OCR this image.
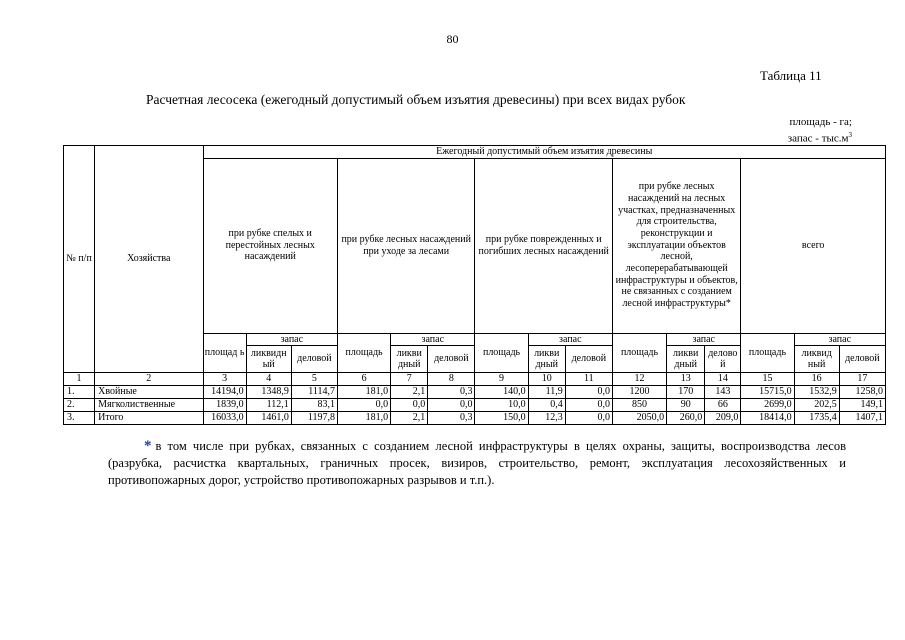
80
Таблица 11
Расчетная лесосека (ежегодный допустимый объем изъятия древесины) при всех видах рубок
площадь - га;
запас - $тыс.м^3$
№ п/п	Хозяйства	Ежегодный допустимый объем изъятия древесины														
		при рубке спелых и перестойных лесных насаждений			при рубке лесных насаждений при уходе за лесами			при рубке поврежденных и погибших лесных насаждений			при рубке лесных насаждений на лесных участках, предназначенных для строительства, реконструкции и эксплуатации объектов лесной, лесоперерабатывающей инфраструктуры и объектов, не связанных с созданием лесной инфраструктуры*			всего		
		площад ь	запас		площадь	запас		площадь	запас		площадь	запас		площадь	запас	
			ликвидн ый	деловой		ликви дный	деловой		ликви дный	деловой		ликви дный	делово й		ликвид ный	деловой
1	2	3	4	5	6	7	8	9	10	11	12	13	14	15	16	17
1.	Хвойные	14194,0	1348,9	1114,7	181,0	2,1	0,3	140,0	11,9	0,0	1200	170	143	15715,0	1532,9	1258,0
2.	Мягколиственные	1839,0	112,1	83,1	0,0	0,0	0,0	10,0	0,4	0,0	850	90	66	2699,0	202,5	149,1
3.	Итого	16033,0	1461,0	1197,8	181,0	2,1	0,3	150,0	12,3	0,0	2050,0	260,0	209,0	18414,0	1735,4	1407,1
* в том числе при рубках, связанных с созданием лесной инфраструктуры в целях охраны, защиты, воспроизводства лесов (разрубка, расчистка квартальных, граничных просек, визиров, строительство, ремонт, эксплуатация лесохозяйственных и противопожарных дорог, устройство противопожарных разрывов и т.п.).
